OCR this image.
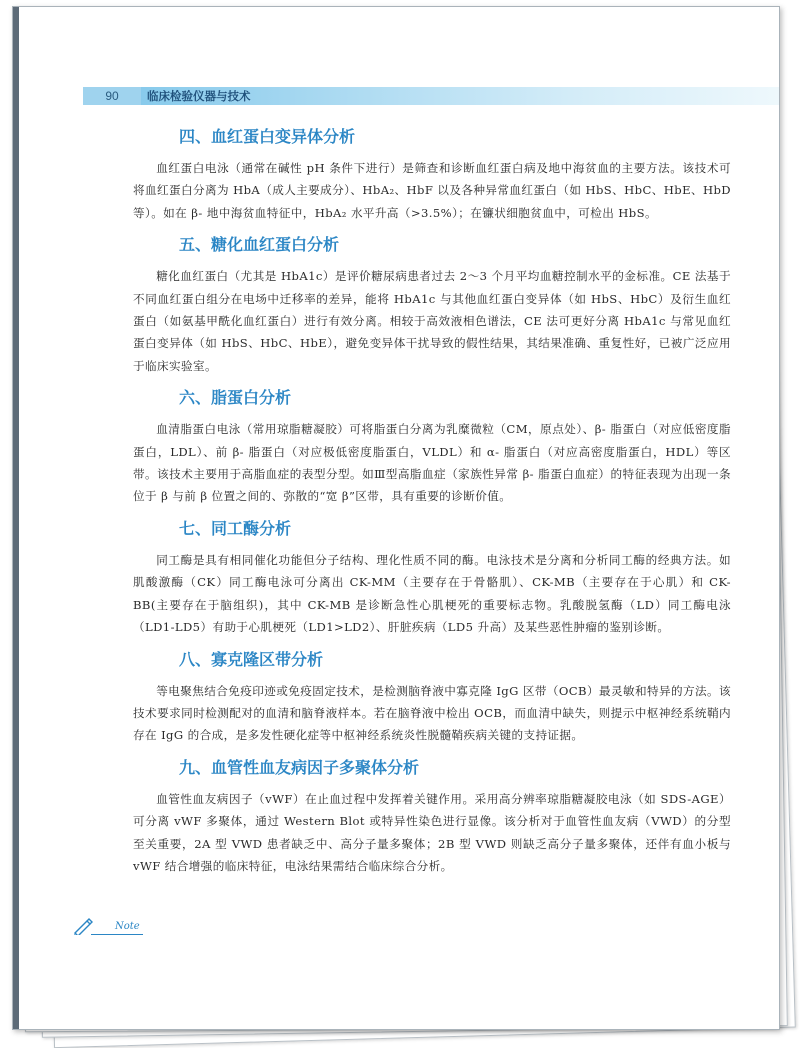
90	临床检验仪器与技术
四、血红蛋白变异体分析

血红蛋白电泳（通常在碱性 pH 条件下进行）是筛查和诊断血红蛋白病及地中海贫血的主要方法。该技术可将血红蛋白分离为 HbA（成人主要成分）、HbA₂、HbF 以及各种异常血红蛋白（如 HbS、HbC、HbE、HbD 等）。如在 β- 地中海贫血特征中，HbA₂ 水平升高（>3.5%）；在镰状细胞贫血中，可检出 HbS。

五、糖化血红蛋白分析

糖化血红蛋白（尤其是 HbA1c）是评价糖尿病患者过去 2～3 个月平均血糖控制水平的金标准。CE 法基于不同血红蛋白组分在电场中迁移率的差异，能将 HbA1c 与其他血红蛋白变异体（如 HbS、HbC）及衍生血红蛋白（如氨基甲酰化血红蛋白）进行有效分离。相较于高效液相色谱法，CE 法可更好分离 HbA1c 与常见血红蛋白变异体（如 HbS、HbC、HbE），避免变异体干扰导致的假性结果，其结果准确、重复性好，已被广泛应用于临床实验室。

六、脂蛋白分析

血清脂蛋白电泳（常用琼脂糖凝胶）可将脂蛋白分离为乳糜微粒（CM，原点处）、β- 脂蛋白（对应低密度脂蛋白，LDL）、前 β- 脂蛋白（对应极低密度脂蛋白，VLDL）和 α- 脂蛋白（对应高密度脂蛋白，HDL）等区带。该技术主要用于高脂血症的表型分型。如Ⅲ型高脂血症（家族性异常 β- 脂蛋白血症）的特征表现为出现一条位于 β 与前 β 位置之间的、弥散的“宽 β”区带，具有重要的诊断价值。

七、同工酶分析

同工酶是具有相同催化功能但分子结构、理化性质不同的酶。电泳技术是分离和分析同工酶的经典方法。如肌酸激酶（CK）同工酶电泳可分离出 CK-MM（主要存在于骨骼肌）、CK-MB（主要存在于心肌）和 CK-BB(主要存在于脑组织)，其中 CK-MB 是诊断急性心肌梗死的重要标志物。乳酸脱氢酶（LD）同工酶电泳（LD1-LD5）有助于心肌梗死（LD1>LD2）、肝脏疾病（LD5 升高）及某些恶性肿瘤的鉴别诊断。

八、寡克隆区带分析

等电聚焦结合免疫印迹或免疫固定技术，是检测脑脊液中寡克隆 IgG 区带（OCB）最灵敏和特异的方法。该技术要求同时检测配对的血清和脑脊液样本。若在脑脊液中检出 OCB，而血清中缺失，则提示中枢神经系统鞘内存在 IgG 的合成，是多发性硬化症等中枢神经系统炎性脱髓鞘疾病关键的支持证据。

九、血管性血友病因子多聚体分析

血管性血友病因子（vWF）在止血过程中发挥着关键作用。采用高分辨率琼脂糖凝胶电泳（如 SDS-AGE）可分离 vWF 多聚体，通过 Western Blot 或特异性染色进行显像。该分析对于血管性血友病（VWD）的分型至关重要，2A 型 VWD 患者缺乏中、高分子量多聚体；2B 型 VWD 则缺乏高分子量多聚体，还伴有血小板与 vWF 结合增强的临床特征，电泳结果需结合临床综合分析。

Note
